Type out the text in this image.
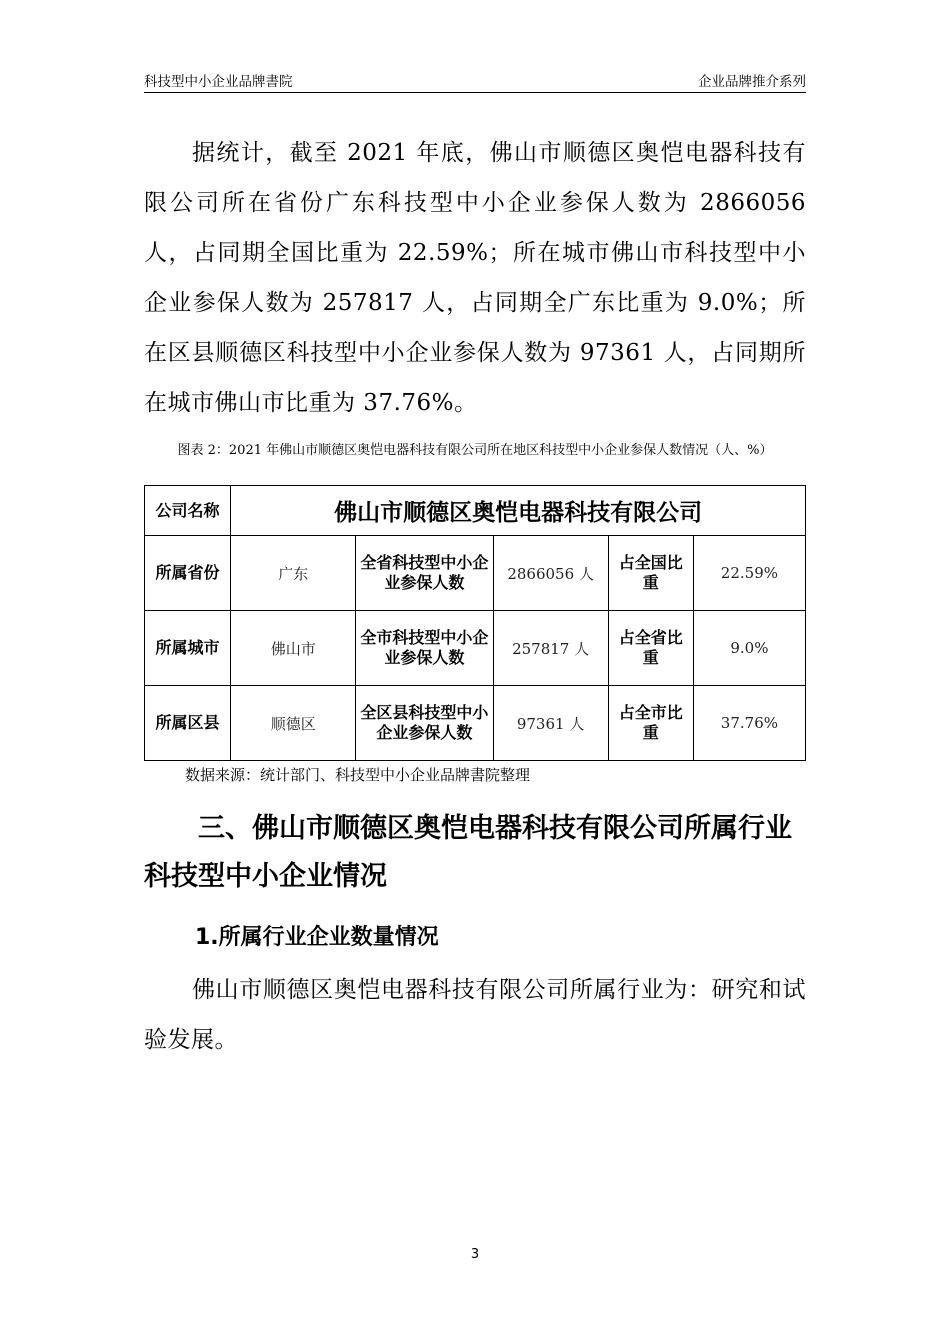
科技型中小企业品牌書院	企业品牌推介系列

据统计，截至 2021 年底，佛山市顺德区奥恺电器科技有限公司所在省份广东科技型中小企业参保人数为 2866056 人，占同期全国比重为 22.59%；所在城市佛山市科技型中小企业参保人数为 257817 人，占同期全广东比重为 9.0%；所在区县顺德区科技型中小企业参保人数为 97361 人，占同期所在城市佛山市比重为 37.76%。

图表 2：2021 年佛山市顺德区奥恺电器科技有限公司所在地区科技型中小企业参保人数情况（人、%）

公司名称	佛山市顺德区奥恺电器科技有限公司				
所属省份	广东	全省科技型中小企业参保人数	2866056 人	占全国比重	22.59%
所属城市	佛山市	全市科技型中小企业参保人数	257817 人	占全省比重	9.0%
所属区县	顺德区	全区县科技型中小企业参保人数	97361 人	占全市比重	37.76%
数据来源：统计部门、科技型中小企业品牌書院整理

三、佛山市顺德区奥恺电器科技有限公司所属行业科技型中小企业情况

1.所属行业企业数量情况

佛山市顺德区奥恺电器科技有限公司所属行业为：研究和试验发展。

3
